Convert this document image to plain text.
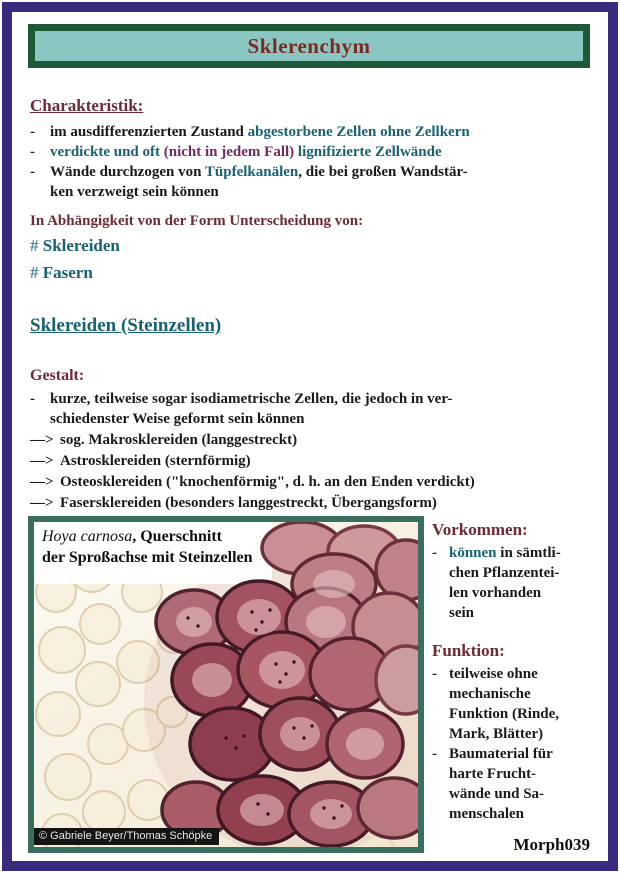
Sklerenchym
Charakteristik:
-	im ausdifferenzierten Zustand abgestorbene Zellen ohne Zellkern
-	verdickte und oft (nicht in jedem Fall) lignifizierte Zellwände
-	Wände durchzogen von Tüpfelkanälen, die bei großen Wandstär-
ken verzweigt sein können
In Abhängigkeit von der Form Unterscheidung von:
# Sklereiden
# Fasern
Sklereiden (Steinzellen)
Gestalt:
-	kurze, teilweise sogar isodiametrische Zellen, die jedoch in ver-
schiedenster Weise geformt sein können
—> sog. Makrosklereiden (langgestreckt)
—> Astrosklereiden (sternförmig)
—> Osteosklereiden ("knochenförmig", d. h. an den Enden verdickt)
—> Fasersklereiden (besonders langgestreckt, Übergangsform)
Hoya carnosa, Querschnitt
der Sproßachse mit Steinzellen
© Gabriele Beyer/Thomas Schöpke
Vorkommen:
- können in sämtli-
chen Pflanzentei-
len vorhanden
sein
Funktion:
- teilweise ohne
mechanische
Funktion (Rinde,
Mark, Blätter)
- Baumaterial für
harte Frucht-
wände und Sa-
menschalen
Morph039
